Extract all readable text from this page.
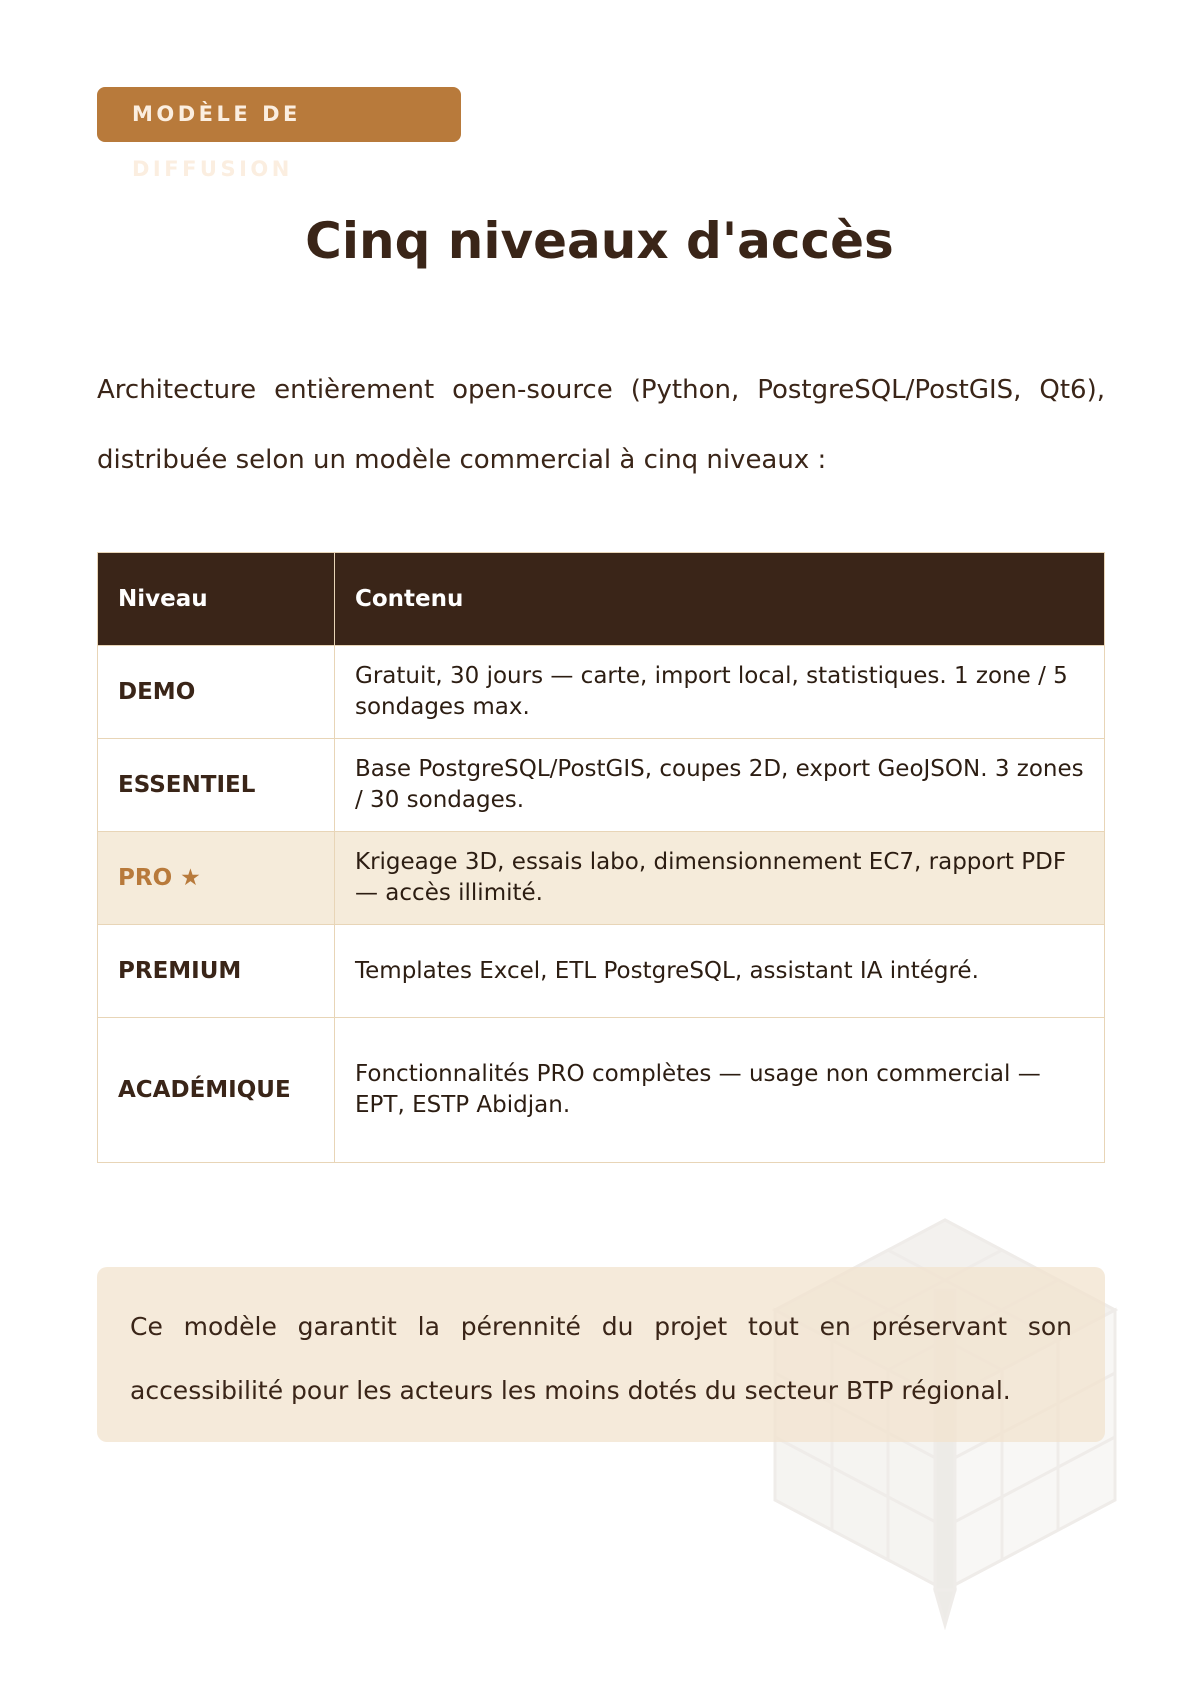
MODÈLE DE DIFFUSION
Cinq niveaux d'accès

Architecture entièrement open-source (Python, PostgreSQL/PostGIS, Qt6), distribuée selon un modèle commercial à cinq niveaux :

Niveau	Contenu
DEMO	Gratuit, 30 jours — carte, import local, statistiques. 1 zone / 5 sondages max.
ESSENTIEL	Base PostgreSQL/PostGIS, coupes 2D, export GeoJSON. 3 zones / 30 sondages.
PRO ★	Krigeage 3D, essais labo, dimensionnement EC7, rapport PDF — accès illimité.
PREMIUM	Templates Excel, ETL PostgreSQL, assistant IA intégré.
ACADÉMIQUE	Fonctionnalités PRO complètes — usage non commercial — EPT, ESTP Abidjan.

Ce modèle garantit la pérennité du projet tout en préservant son accessibilité pour les acteurs les moins dotés du secteur BTP régional.
